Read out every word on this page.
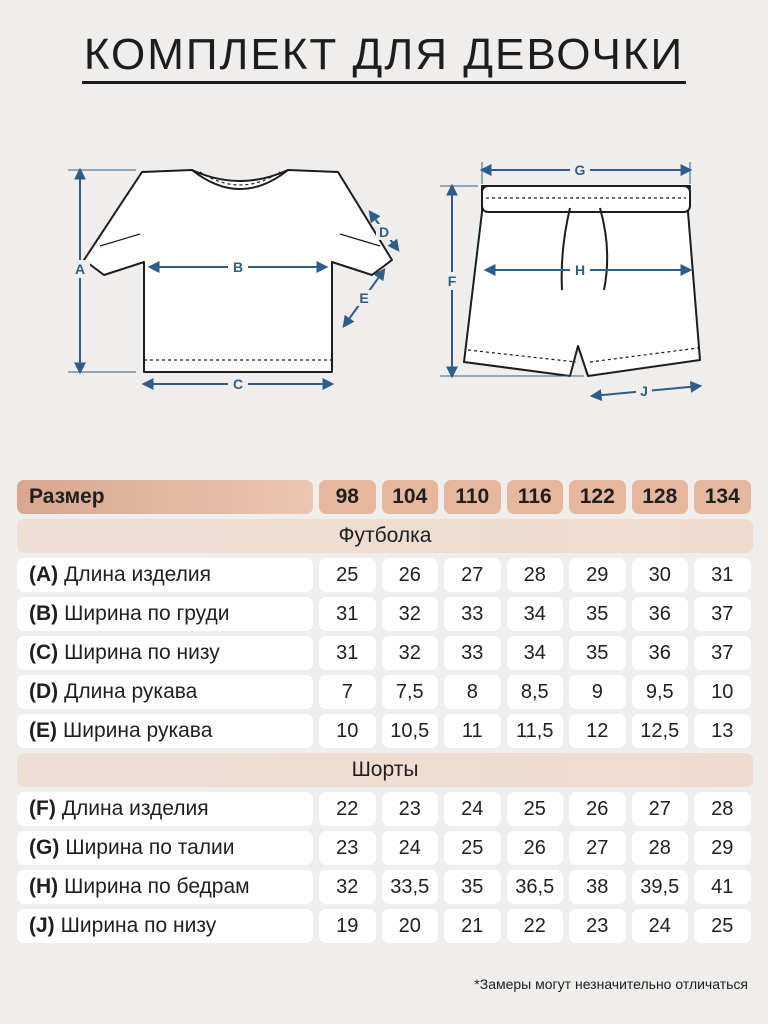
КОМПЛЕКТ ДЛЯ ДЕВОЧКИ
A	B
C
D
E
G
F
H
J
Размер	98	104	110	116	122	128	134
Футболка
(A) Длина изделия	25	26	27	28	29	30	31
(B) Ширина по груди	31	32	33	34	35	36	37
(C) Ширина по низу	31	32	33	34	35	36	37
(D) Длина рукава	7	7,5	8	8,5	9	9,5	10
(E) Ширина рукава	10	10,5	11	11,5	12	12,5	13
Шорты
(F) Длина изделия	22	23	24	25	26	27	28
(G) Ширина по талии	23	24	25	26	27	28	29
(H) Ширина по бедрам	32	33,5	35	36,5	38	39,5	41
(J) Ширина по низу	19	20	21	22	23	24	25
*Замеры могут незначительно отличаться
